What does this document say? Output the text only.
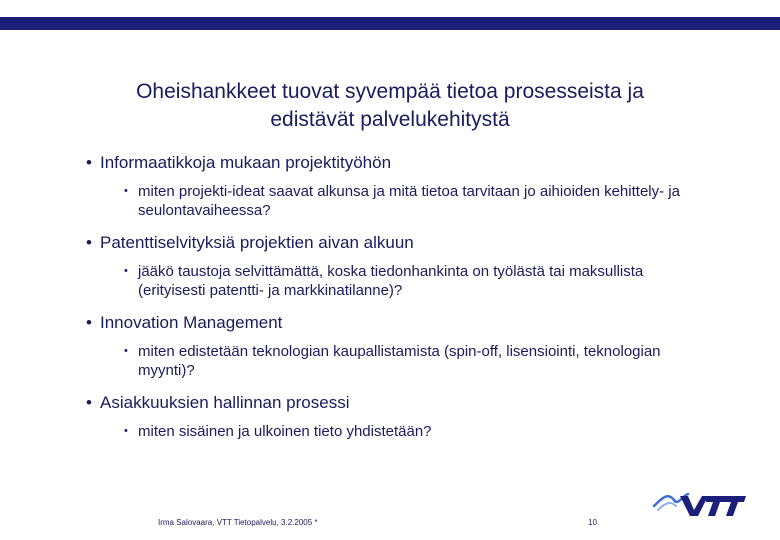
Oheishankkeet tuovat syvempää tietoa prosesseista ja
edistävät palvelukehitystä
• Informaatikkoja mukaan projektityöhön
• miten projekti-ideat saavat alkunsa ja mitä tietoa tarvitaan jo aihioiden kehittely- ja seulontavaiheessa?
• Patenttiselvityksiä projektien aivan alkuun
• jääkö taustoja selvittämättä, koska tiedonhankinta on työlästä tai maksullista (erityisesti patentti- ja markkinatilanne)?
• Innovation Management
• miten edistetään teknologian kaupallistamista (spin-off, lisensiointi, teknologian myynti)?
• Asiakkuuksien hallinnan prosessi
• miten sisäinen ja ulkoinen tieto yhdistetään?
Irma Salovaara, VTT Tietopalvelu, 3.2.2005 *	10
